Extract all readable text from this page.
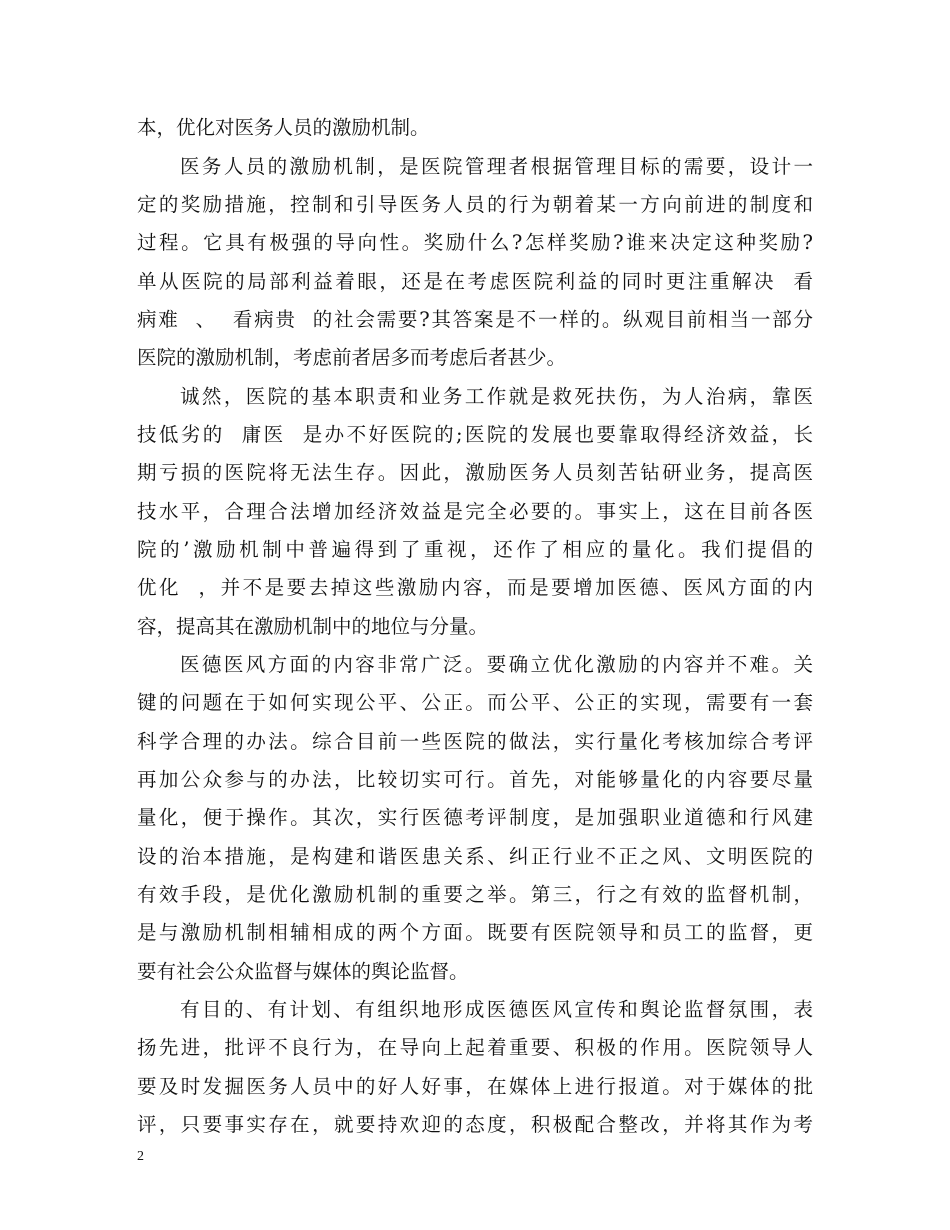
本，优化对医务人员的激励机制。
医务人员的激励机制，是医院管理者根据管理目标的需要，设计一
定的奖励措施，控制和引导医务人员的行为朝着某一方向前进的制度和
过程。它具有极强的导向性。奖励什么?怎样奖励?谁来决定这种奖励?
单从医院的局部利益着眼，还是在考虑医院利益的同时更注重解决  看
病难  、  看病贵  的社会需要?其答案是不一样的。纵观目前相当一部分
医院的激励机制，考虑前者居多而考虑后者甚少。
诚然，医院的基本职责和业务工作就是救死扶伤，为人治病，靠医
技低劣的  庸医  是办不好医院的;医院的发展也要靠取得经济效益，长
期亏损的医院将无法生存。因此，激励医务人员刻苦钻研业务，提高医
技水平，合理合法增加经济效益是完全必要的。事实上，这在目前各医
院的’激励机制中普遍得到了重视，还作了相应的量化。我们提倡的
优化  ，并不是要去掉这些激励内容，而是要增加医德、医风方面的内
容，提高其在激励机制中的地位与分量。
医德医风方面的内容非常广泛。要确立优化激励的内容并不难。关
键的问题在于如何实现公平、公正。而公平、公正的实现，需要有一套
科学合理的办法。综合目前一些医院的做法，实行量化考核加综合考评
再加公众参与的办法，比较切实可行。首先，对能够量化的内容要尽量
量化，便于操作。其次，实行医德考评制度，是加强职业道德和行风建
设的治本措施，是构建和谐医患关系、纠正行业不正之风、文明医院的
有效手段，是优化激励机制的重要之举。第三，行之有效的监督机制，
是与激励机制相辅相成的两个方面。既要有医院领导和员工的监督，更
要有社会公众监督与媒体的舆论监督。
有目的、有计划、有组织地形成医德医风宣传和舆论监督氛围，表
扬先进，批评不良行为，在导向上起着重要、积极的作用。医院领导人
要及时发掘医务人员中的好人好事，在媒体上进行报道。对于媒体的批
评，只要事实存在，就要持欢迎的态度，积极配合整改，并将其作为考
2
